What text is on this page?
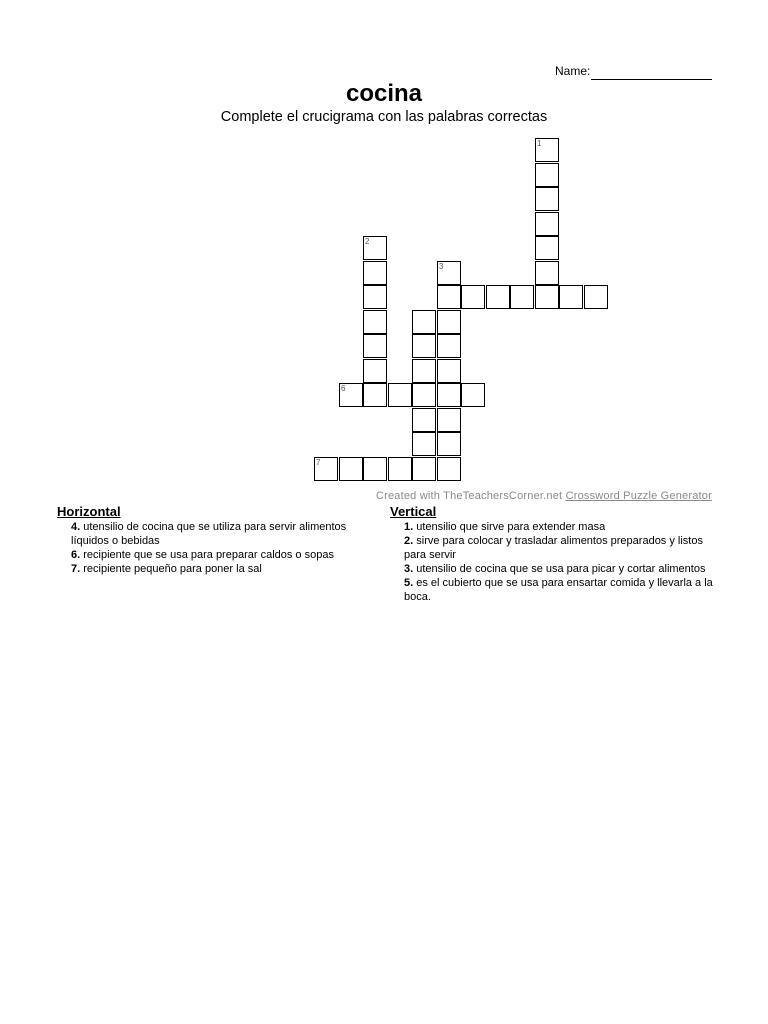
Name:
cocina
Complete el crucigrama con las palabras correctas
1
2
3
6
7
Created with TheTeachersCorner.net Crossword Puzzle Generator
Horizontal
4. utensilio de cocina que se utiliza para servir alimentos líquidos o bebidas
6. recipiente que se usa para preparar caldos o sopas
7. recipiente pequeño para poner la sal
Vertical
1. utensilio que sirve para extender masa
2. sirve para colocar y trasladar alimentos preparados y listos para servir
3. utensilio de cocina que se usa para picar y cortar alimentos
5. es el cubierto que se usa para ensartar comida y llevarla a la boca.
